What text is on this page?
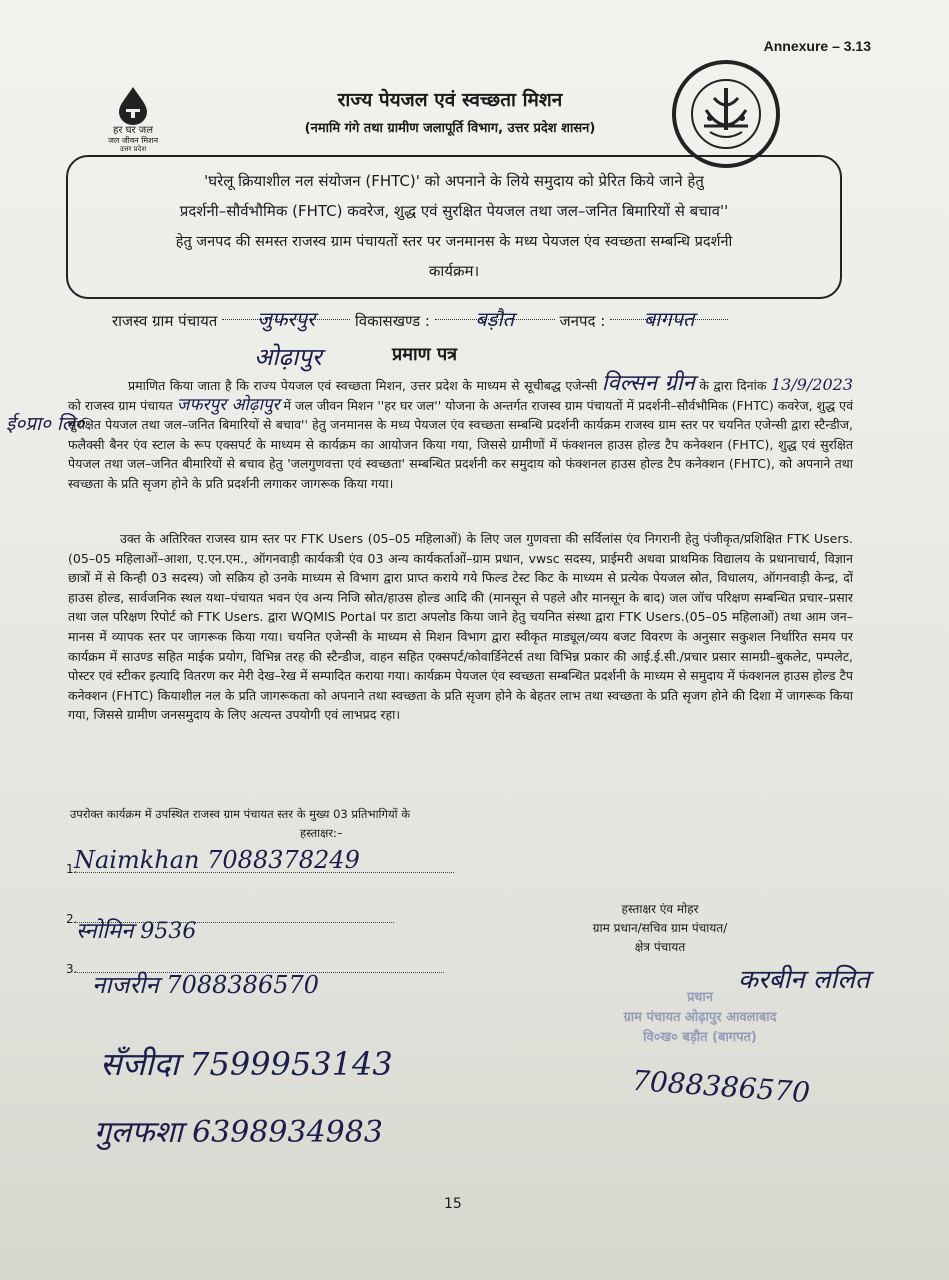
Annexure – 3.13
हर घर जल
जल जीवन मिशन
उत्तर प्रदेश
राज्य पेयजल एवं स्वच्छता मिशन
(नमामि गंगे तथा ग्रामीण जलापूर्ति विभाग, उत्तर प्रदेश शासन)
'घरेलू क्रियाशील नल संयोजन (FHTC)' को अपनाने के लिये समुदाय को प्रेरित किये जाने हेतु
प्रदर्शनी–सौर्वभौमिक (FHTC) कवरेज, शुद्ध एवं सुरक्षित पेयजल तथा जल–जनित बिमारियों से बचाव''
हेतु जनपद की समस्त राजस्व ग्राम पंचायतों स्तर पर जनमानस के मध्य पेयजल एंव स्वच्छता सम्बन्धि प्रदर्शनी
कार्यक्रम।
राजस्व ग्राम पंचायत जुफरपुर	विकासखण्ड : बड़ौत	जनपद : बागपत
ओढ़ापुर	प्रमाण पत्र
ई०प्रा० लि०

प्रमाणित किया जाता है कि राज्य पेयजल एवं स्वच्छता मिशन, उत्तर प्रदेश के माध्यम से सूचीबद्ध एजेन्सी विल्सन ग्रीन के द्वारा दिनांक 13/9/2023 को राजस्व ग्राम पंचायत जफरपुर ओढ़ापुर में जल जीवन मिशन ''हर घर जल'' योजना के अन्तर्गत राजस्व ग्राम पंचायतों में प्रदर्शनी–सौर्वभौमिक (FHTC) कवरेज, शुद्ध एवं सुरक्षित पेयजल तथा जल–जनित बिमारियों से बचाव'' हेतु जनमानस के मध्य पेयजल एंव स्वच्छता सम्बन्धि प्रदर्शनी कार्यक्रम राजस्व ग्राम स्तर पर चयनित एजेन्सी द्वारा स्टैन्डीज, फलैक्सी बैनर एंव स्टाल के रूप एक्सपर्ट के माध्यम से कार्यक्रम का आयोजन किया गया, जिससे ग्रामीणों में फंक्शनल हाउस होल्ड टैप कनेक्शन (FHTC), शुद्ध एवं सुरक्षित पेयजल तथा जल–जनित बीमारियों से बचाव हेतु 'जलगुणवत्ता एवं स्वच्छता' सम्बन्धित प्रदर्शनी कर समुदाय को फंक्शनल हाउस होल्ड टैप कनेक्शन (FHTC), को अपनाने तथा स्वच्छता के प्रति सृजग होने के प्रति प्रदर्शनी लगाकर जागरूक किया गया।

उक्त के अतिरिक्त राजस्व ग्राम स्तर पर FTK Users (05–05 महिलाओं) के लिए जल गुणवत्ता की सर्विलांस एंव निगरानी हेतु पंजीकृत/प्रशिक्षित FTK Users.(05–05 महिलाओं–आशा, ए.एन.एम., ऑगनवाड़ी कार्यकत्री एंव 03 अन्य कार्यकर्ताओं–ग्राम प्रधान, vwsc सदस्य, प्राईमरी अथवा प्राथमिक विद्यालय के प्रधानाचार्य, विज्ञान छात्रों में से किन्ही 03 सदस्य) जो सक्रिय हो उनके माध्यम से विभाग द्वारा प्राप्त कराये गये फिल्ड टेस्ट किट के माध्यम से प्रत्येक पेयजल स्रोत, विधालय, ऑगनवाड़ी केन्द्र, दों हाउस होल्ड, सार्वजनिक स्थल यथा–पंचायत भवन एंव अन्य निजि स्रोत/हाउस होल्ड आदि की (मानसून से पहले और मानसून के बाद) जल जॉच परिक्षण सम्बन्धित प्रचार–प्रसार तथा जल परिक्षण रिपोर्ट को FTK Users. द्वारा WQMIS Portal पर डाटा अपलोड किया जाने हेतु चयनित संस्था द्वारा FTK Users.(05–05 महिलाओं) तथा आम जन–मानस में व्यापक स्तर पर जागरूक किया गया। चयनित एजेन्सी के माध्यम से मिशन विभाग द्वारा स्वीकृत माड्यूल/व्यय बजट विवरण के अनुसार सकुशल निर्धारित समय पर कार्यक्रम में साउण्ड सहित माईक प्रयोग, विभिन्न तरह की स्टैन्डीज, वाहन सहित एक्सपर्ट/कोवार्डिनेटर्स तथा विभिन्न प्रकार की आई.ई.सी./प्रचार प्रसार सामग्री–बुकलेट, पम्पलेट, पोस्टर एवं स्टीकर इत्यादि वितरण कर मेरी देख–रेख में सम्पादित कराया गया। कार्यक्रम पेयजल एंव स्वच्छता सम्बन्धित प्रदर्शनी के माध्यम से समुदाय में फंक्शनल हाउस होल्ड टैप कनेक्शन (FHTC) कियाशील नल के प्रति जागरूकता को अपनाने तथा स्वच्छता के प्रति सृजग होने के बेहतर लाभ तथा स्वच्छता के प्रति सृजग होने की दिशा में जागरूक किया गया, जिससे ग्रामीण जनसमुदाय के लिए अत्यन्त उपयोगी एवं लाभप्रद रहा।

उपरोक्त कार्यक्रम में उपस्थित राजस्व ग्राम पंचायत स्तर के मुख्य 03 प्रतिभागियों के
हस्ताक्षर:–
1.
Naimkhan 7088378249
2.
स्नोमिन 9536
3.
नाजरीन 7088386570
सँजीदा 7599953143
गुलफशा 6398934983
हस्ताक्षर एंव मोहर
ग्राम प्रधान/सचिव ग्राम पंचायत/
क्षेत्र पंचायत
करबीन ललित
प्रधान
ग्राम पंचायत ओढ़ापुर आवलाबाद
वि०ख० बड़ौत (बागपत)
7088386570
15
